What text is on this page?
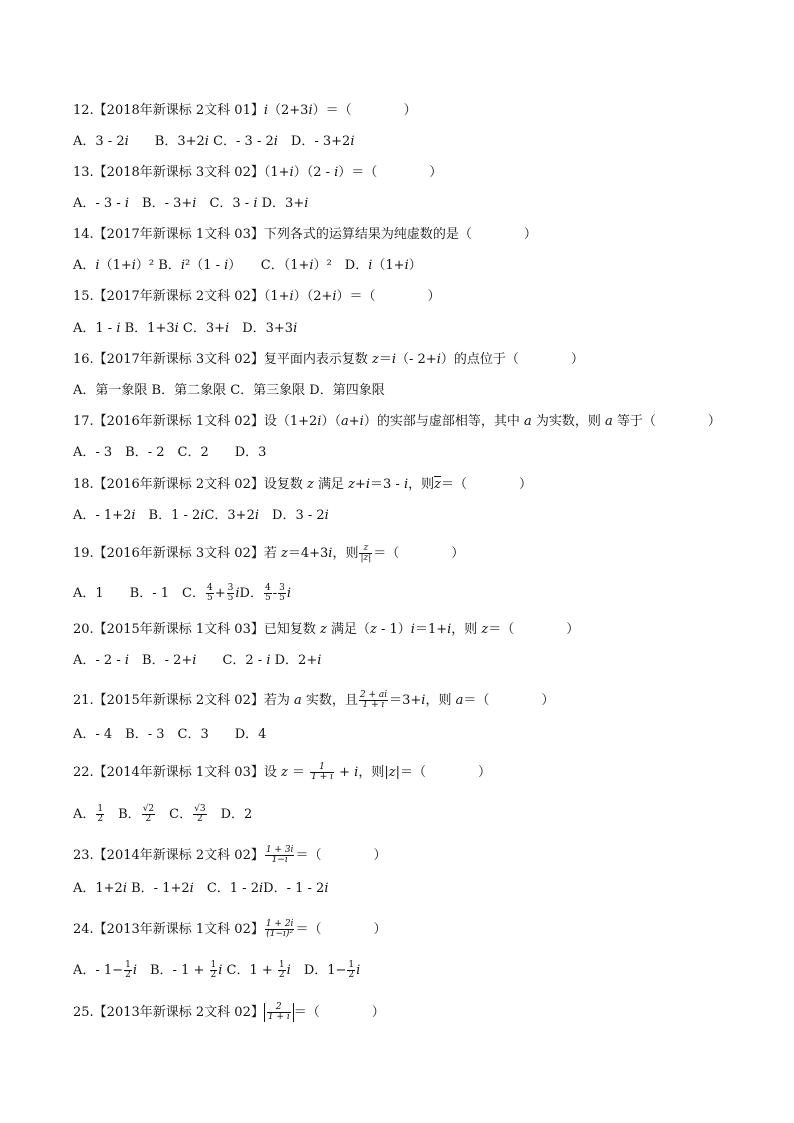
12.【2018年新课标 2文科 01】i（2+3i）＝（　　　　）
A．3 - 2i　　B．3+2i C．- 3 - 2i　D．- 3+2i
13.【2018年新课标 3文科 02】（1+i）（2 - i）＝（　　　　）
A．- 3 - i　B．- 3+i　C．3 - i D．3+i
14.【2017年新课标 1文科 03】下列各式的运算结果为纯虚数的是（　　　　）
A．i（1+i）² B．i²（1 - i）　　C．（1+i）²　D．i（1+i）
15.【2017年新课标 2文科 02】（1+i）（2+i）＝（　　　　）
A．1 - i B．1+3i C．3+i　D．3+3i
16.【2017年新课标 3文科 02】复平面内表示复数 z＝i（- 2+i）的点位于（　　　　）
A．第一象限 B．第二象限 C．第三象限 D．第四象限
17.【2016年新课标 1文科 02】设（1+2i）（a+i）的实部与虚部相等，其中 a 为实数，则 a 等于（　　　　）
A．- 3　B．- 2　C．2　　D．3
18.【2016年新课标 2文科 02】设复数 z 满足 z+i＝3 - i，则z＝（　　　　）
A．- 1+2i　B．1 - 2iC．3+2i　D．3 - 2i
19.【2016年新课标 3文科 02】若 z＝4+3i，则 $\frac{z}{|z|}$ ＝（　　　　）
A．1　　B．- 1　C． $\frac{4}{5} + \frac{3}{5}$ iD． $\frac{4}{5} - \frac{3}{5}$ i
20.【2015年新课标 1文科 03】已知复数 z 满足（z - 1）i＝1+i，则 z＝（　　　　）
A．- 2 - i　B．- 2+i　　C．2 - i D．2+i
21.【2015年新课标 2文科 02】若为 a 实数，且 $\frac{2 + ai}{1 + i} =3+i$，则 a＝（　　　　）
A．- 4　B．- 3　C．3　　D．4
22.【2014年新课标 1文科 03】设 $z = \frac{1}{1 + i} + i$，则|z|＝（　　　　）
A． $\frac{1}{2}$ 　B． $\frac{√2}{2}$ 　C． $\frac{√3}{2}$ 　D．2
23.【2014年新课标 2文科 02】 $\frac{1 + 3i}{1-i}$ ＝（　　　　）
A．1+2i B．- 1+2i　C．1 - 2iD．- 1 - 2i
24.【2013年新课标 1文科 02】 $\frac{1 + 2i}{\text{(1−i)²}}$ ＝（　　　　）
A．- $1- \frac{1}{2}$ i　B．- $1 + \frac{1}{2}$ i C．$1 + \frac{1}{2}$ i　D．$1- \frac{1}{2}$ i
25.【2013年新课标 2文科 02】 $\frac{2}{1 + i}$ ＝（　　　　）
